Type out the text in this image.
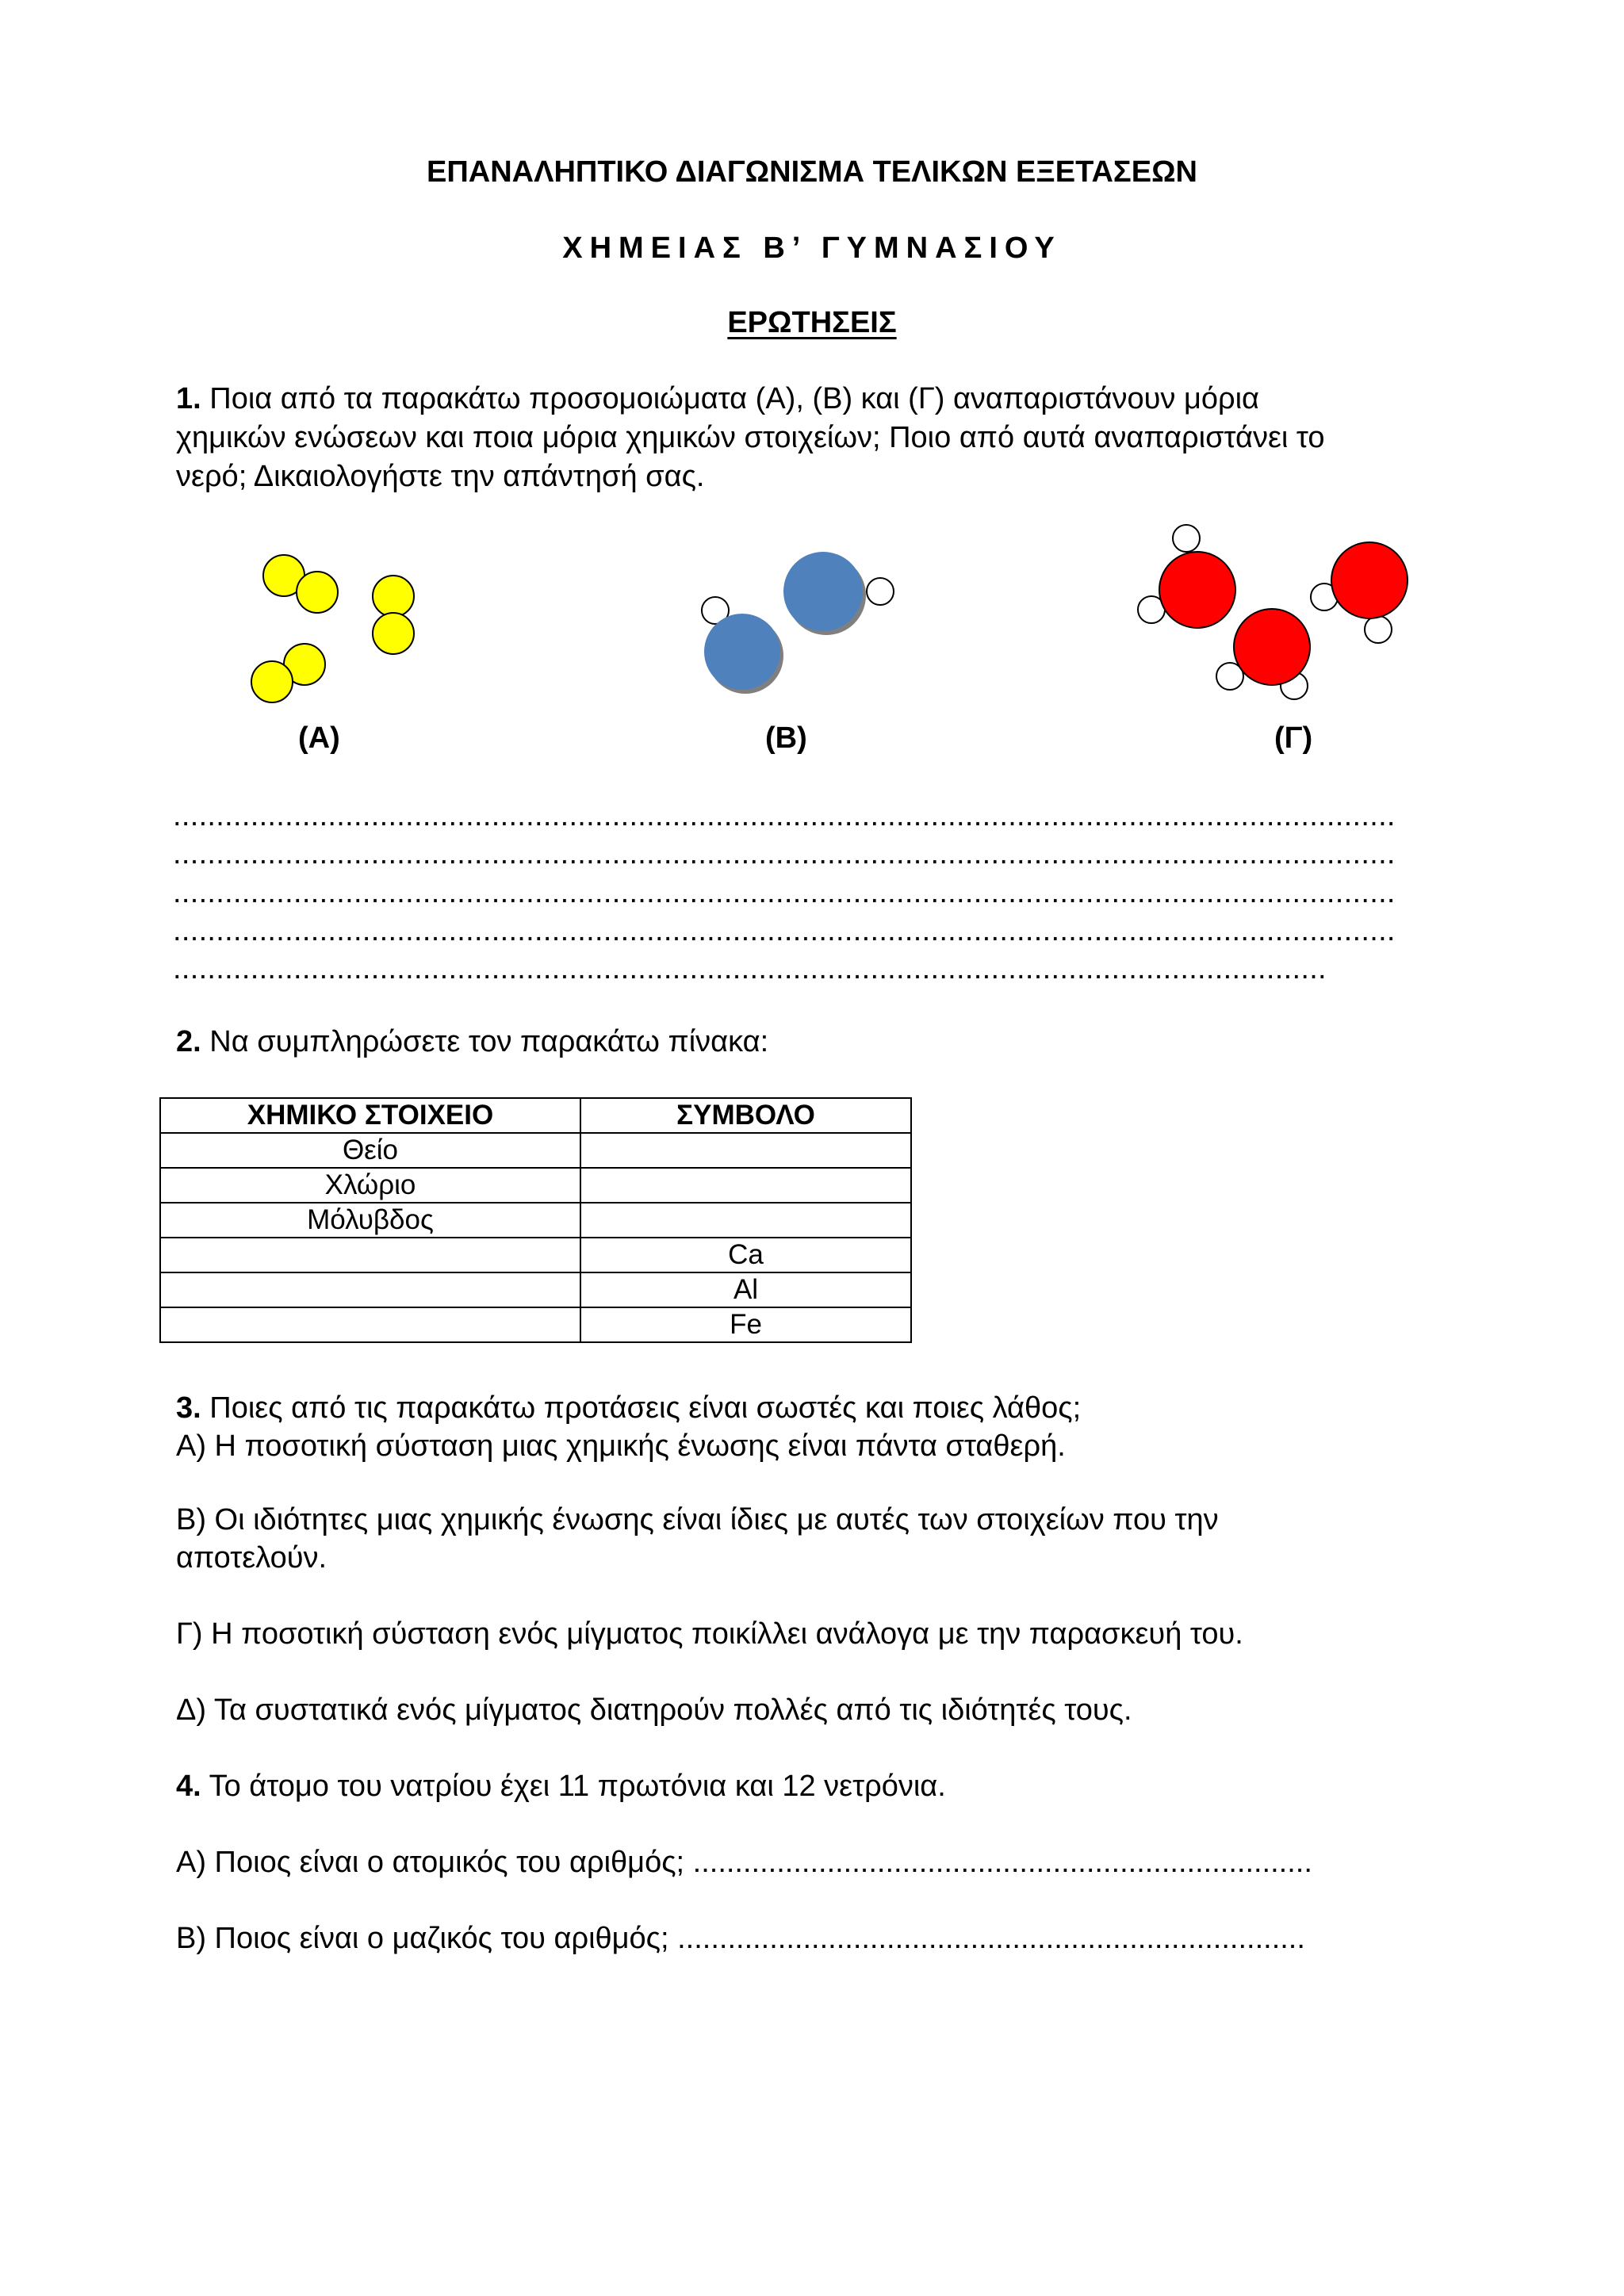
ΕΠΑΝΑΛΗΠΤΙΚΟ ΔΙΑΓΩΝΙΣΜΑ ΤΕΛΙΚΩΝ ΕΞΕΤΑΣΕΩΝ
ΧΗΜΕΙΑΣ Β’ ΓΥΜΝΑΣΙΟΥ
ΕΡΩΤΗΣΕΙΣ
1. Ποια από τα παρακάτω προσομοιώματα (Α), (Β) και (Γ) αναπαριστάνουν μόρια
χημικών ενώσεων και ποια μόρια χημικών στοιχείων; Ποιο από αυτά αναπαριστάνει το
νερό; Δικαιολογήστε την απάντησή σας.
(Α)	(Β)	(Γ)
..............................................................................................................................................
..............................................................................................................................................
..............................................................................................................................................
..............................................................................................................................................
......................................................................................................................................
2. Να συμπληρώσετε τον παρακάτω πίνακα:
ΧΗΜΙΚΟ ΣΤΟΙΧΕΙΟ	ΣΥΜΒΟΛΟ
Θείο	
Χλώριο	
Μόλυβδος	
	Ca
	Al
	Fe
3. Ποιες από τις παρακάτω προτάσεις είναι σωστές και ποιες λάθος;
Α) Η ποσοτική σύσταση μιας χημικής ένωσης είναι πάντα σταθερή.
Β) Οι ιδιότητες μιας χημικής ένωσης είναι ίδιες με αυτές των στοιχείων που την
αποτελούν.
Γ) Η ποσοτική σύσταση ενός μίγματος ποικίλλει ανάλογα με την παρασκευή του.
Δ) Τα συστατικά ενός μίγματος διατηρούν πολλές από τις ιδιότητές τους.
4. Το άτομο του νατρίου έχει 11 πρωτόνια και 12 νετρόνια.
Α) Ποιος είναι ο ατομικός του αριθμός; ..........................................................................
Β) Ποιος είναι ο μαζικός του αριθμός; ...........................................................................
